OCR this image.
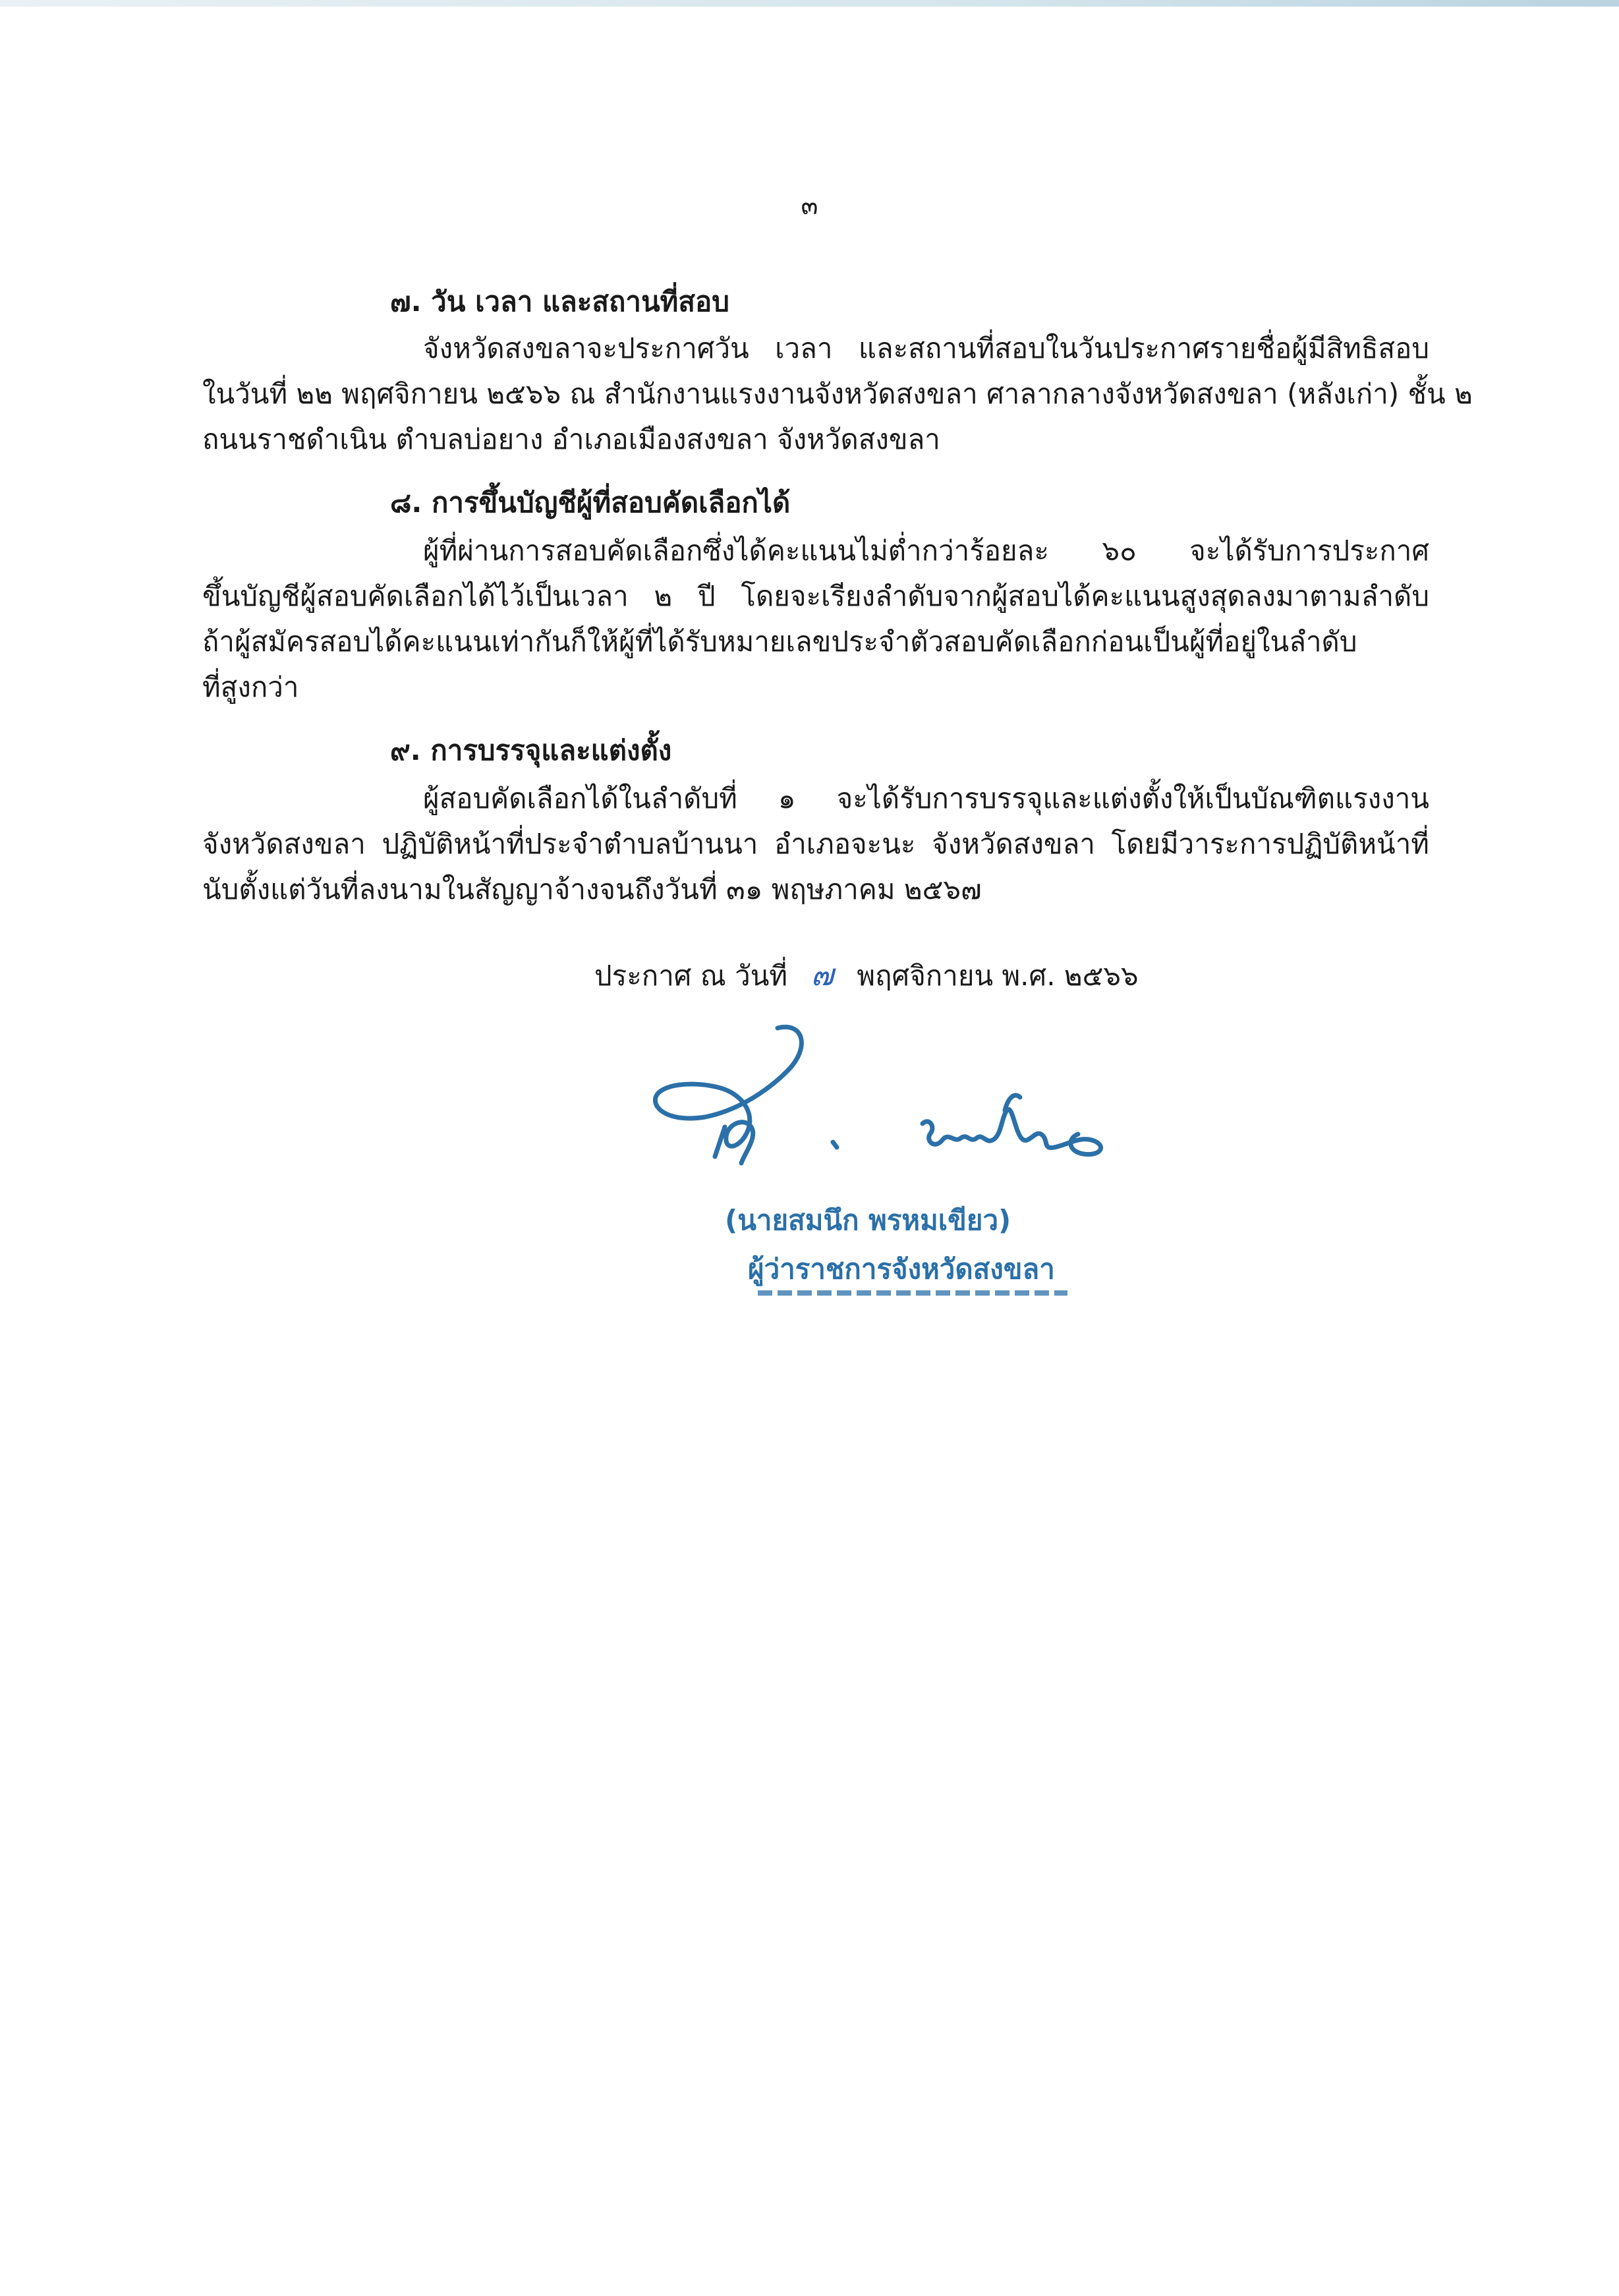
๓
๗. วัน เวลา และสถานที่สอบ
จังหวัดสงขลาจะประกาศวัน เวลา และสถานที่สอบในวันประกาศรายชื่อผู้มีสิทธิสอบ
ในวันที่ ๒๒ พฤศจิกายน ๒๕๖๖ ณ สำนักงานแรงงานจังหวัดสงขลา ศาลากลางจังหวัดสงขลา (หลังเก่า) ชั้น ๒
ถนนราชดำเนิน ตำบลบ่อยาง อำเภอเมืองสงขลา จังหวัดสงขลา
๘. การขึ้นบัญชีผู้ที่สอบคัดเลือกได้
ผู้ที่ผ่านการสอบคัดเลือกซึ่งได้คะแนนไม่ต่ำกว่าร้อยละ ๖๐ จะได้รับการประกาศ
ขึ้นบัญชีผู้สอบคัดเลือกได้ไว้เป็นเวลา ๒ ปี โดยจะเรียงลำดับจากผู้สอบได้คะแนนสูงสุดลงมาตามลำดับ
ถ้าผู้สมัครสอบได้คะแนนเท่ากันก็ให้ผู้ที่ได้รับหมายเลขประจำตัวสอบคัดเลือกก่อนเป็นผู้ที่อยู่ในลำดับ
ที่สูงกว่า
๙. การบรรจุและแต่งตั้ง
ผู้สอบคัดเลือกได้ในลำดับที่ ๑ จะได้รับการบรรจุและแต่งตั้งให้เป็นบัณฑิตแรงงาน
จังหวัดสงขลา ปฏิบัติหน้าที่ประจำตำบลบ้านนา อำเภอจะนะ จังหวัดสงขลา โดยมีวาระการปฏิบัติหน้าที่
นับตั้งแต่วันที่ลงนามในสัญญาจ้างจนถึงวันที่ ๓๑ พฤษภาคม ๒๕๖๗
ประกาศ ณ วันที่ ๗ พฤศจิกายน พ.ศ. ๒๕๖๖
(นายสมนึก พรหมเขียว)
ผู้ว่าราชการจังหวัดสงขลา
